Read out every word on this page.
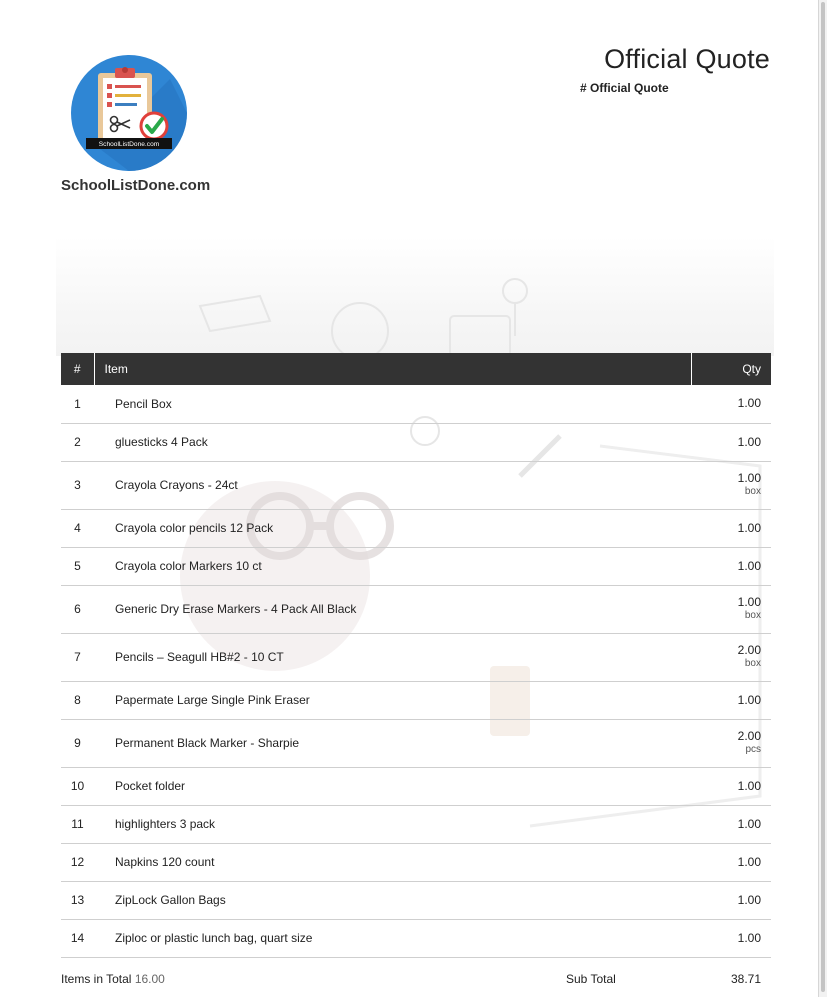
SchoolListDone.com
SchoolListDone.com
Official Quote
# Official Quote
#	Item	Qty
1	Pencil Box	1.00
2	gluesticks 4 Pack	1.00
3	Crayola Crayons - 24ct	1.00
box

4	Crayola color pencils 12 Pack	1.00
5	Crayola color Markers 10 ct	1.00
6	Generic Dry Erase Markers - 4 Pack All Black	1.00
box

7	Pencils – Seagull HB#2 - 10 CT	2.00
box

8	Papermate Large Single Pink Eraser	1.00
9	Permanent Black Marker - Sharpie	2.00
pcs

10	Pocket folder	1.00
11	highlighters 3 pack	1.00
12	Napkins 120 count	1.00
13	ZipLock Gallon Bags	1.00
14	Ziploc or plastic lunch bag, quart size	1.00
Items in Total 16.00	Sub Total	38.71
